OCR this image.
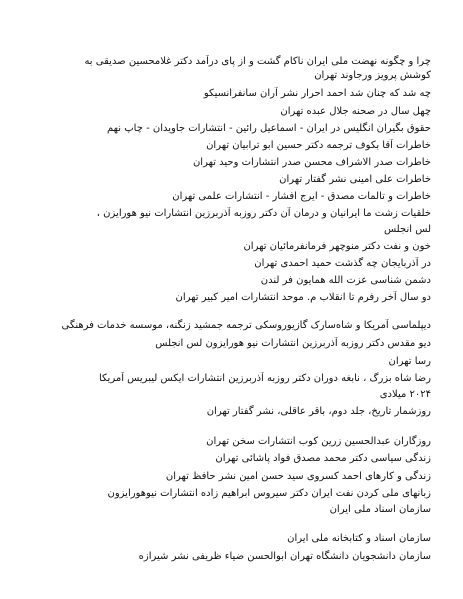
چرا و چگونه نهضت ملی ایران ناکام گشت و از پای درآمد دکتر غلامحسین صدیقی به
کوشش پرویز ورجاوند تهران
چه شد که چنان شد احمد احرار نشر آران سانفرانسیکو
چهل سال در صحنه جلال عبده تهران
حقوق بگیران انگلیس در ایران - اسماعیل رائین - انتشارات جاویدان - چاپ نهم
خاطرات آقا بکوف ترجمه دکتر حسین ابو ترابیان تهران
خاطرات صدر الاشراف محسن صدر انتشارات وحید تهران
خاطرات علی امینی نشر گفتار تهران
خاطرات و تالمات مصدق - ایرج افشار - انتشارات علمی تهران
خلقیات زشت ما ایرانیان و درمان آن دکتر روزبه آذربرزین انتشارات نیو هورایزن ،
لس انجلس
خون و نفت دکتر منوچهر فرمانفرمائیان تهران
در آذربایجان چه گذشت حمید احمدی تهران
دشمن شناسی عزت الله همایون فر لندن
دو سال آخر رفرم تا انقلاب م. موحد انتشارات امیر کبیر تهران
دیپلماسی آمریکا و شاه‌سارک گازیوروسکی ترجمه جمشید زنگنه، موسسه خدمات فرهنگی
دیو مقدس دکتر روزبه آذربرزین انتشارات نیو هورایزون لس انجلس
رسا تهران
رضا شاه بزرگ ، نابغه دوران دکتر روزبه آذربرزین انتشارات ایکس لیبریس آمریکا
۲۰۲۴ میلادی
روزشمار تاریخ، جلد دوم، باقر عاقلی، نشر گفتار تهران
روزگاران عبدالحسین زرین کوب انتشارات سخن تهران
زندگی سیاسی دکتر محمد مصدق فواد پاشائی تهران
زندگی و کارهای احمد کسروی سید حسن امین نشر حافظ تهران
زبانهای ملی کردن نفت ایران دکتر سیروس ابراهیم زاده انتشارات نیوهورایزون
سازمان اسناد ملی ایران
سازمان اسناد و کتابخانه ملی ایران
سازمان دانشجویان دانشگاه تهران ابوالحسن ضیاء ظریفی نشر شیرازه
